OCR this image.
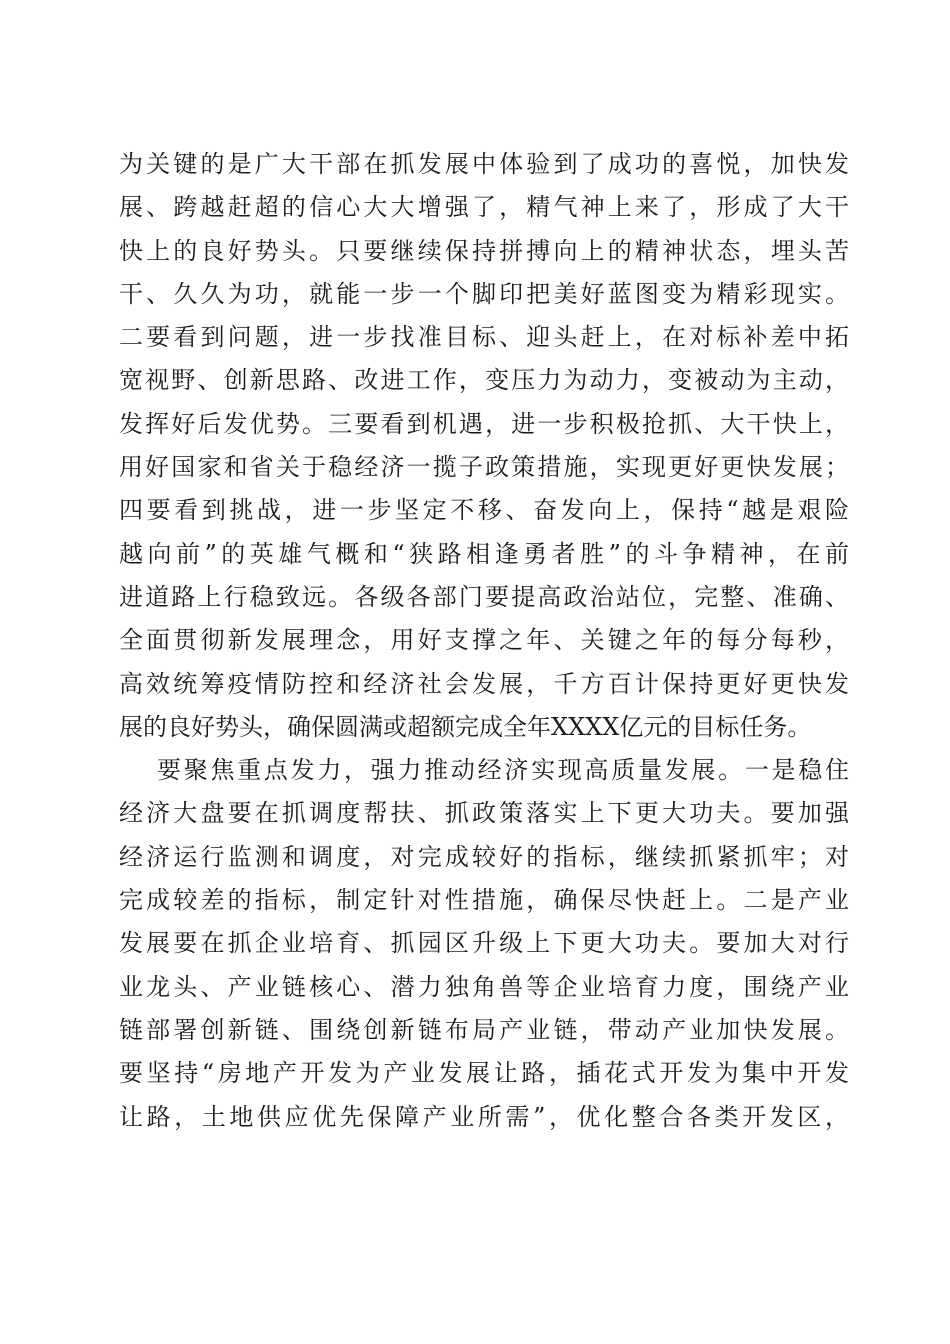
为关键的是广大干部在抓发展中体验到了成功的喜悦，加快发
展、跨越赶超的信心大大增强了，精气神上来了，形成了大干
快上的良好势头。只要继续保持拼搏向上的精神状态，埋头苦
干、久久为功，就能一步一个脚印把美好蓝图变为精彩现实。
二要看到问题，进一步找准目标、迎头赶上，在对标补差中拓
宽视野、创新思路、改进工作，变压力为动力，变被动为主动，
发挥好后发优势。三要看到机遇，进一步积极抢抓、大干快上，
用好国家和省关于稳经济一揽子政策措施，实现更好更快发展；
四要看到挑战，进一步坚定不移、奋发向上，保持“越是艰险
越向前”的英雄气概和“狭路相逢勇者胜”的斗争精神，在前
进道路上行稳致远。各级各部门要提高政治站位，完整、准确、
全面贯彻新发展理念，用好支撑之年、关键之年的每分每秒，
高效统筹疫情防控和经济社会发展，千方百计保持更好更快发
展的良好势头，确保圆满或超额完成全年XXXX亿元的目标任务。
要聚焦重点发力，强力推动经济实现高质量发展。一是稳住
经济大盘要在抓调度帮扶、抓政策落实上下更大功夫。要加强
经济运行监测和调度，对完成较好的指标，继续抓紧抓牢；对
完成较差的指标，制定针对性措施，确保尽快赶上。二是产业
发展要在抓企业培育、抓园区升级上下更大功夫。要加大对行
业龙头、产业链核心、潜力独角兽等企业培育力度，围绕产业
链部署创新链、围绕创新链布局产业链，带动产业加快发展。
要坚持“房地产开发为产业发展让路，插花式开发为集中开发
让路，土地供应优先保障产业所需”，优化整合各类开发区，
